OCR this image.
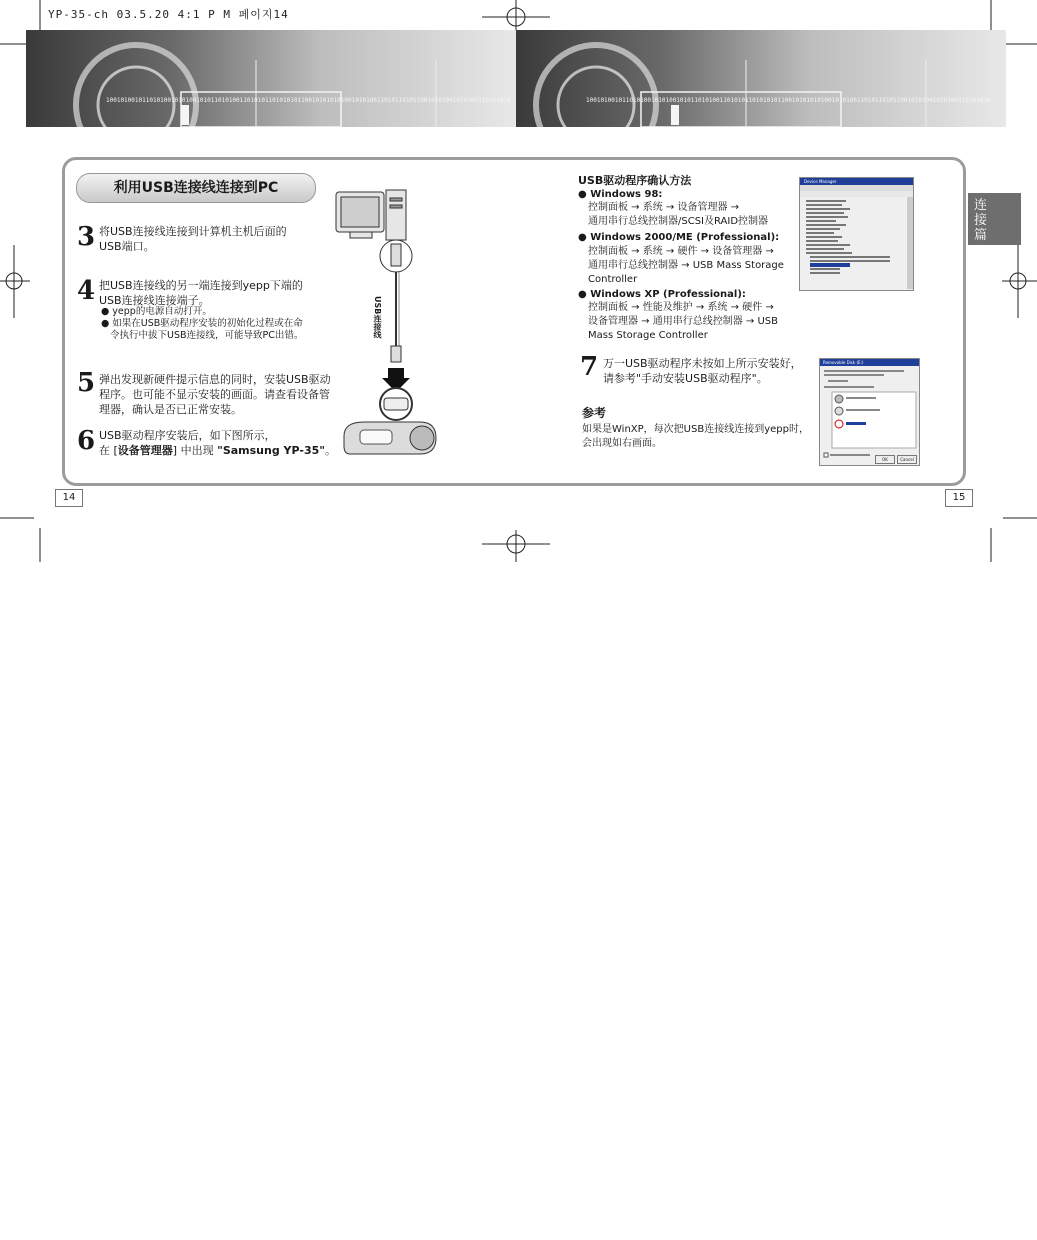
YP-35-ch 03.5.20 4:1 P M 페이지14
1001010010110101001010100101011010100110101011010101011001010101010010101001101011010110010101001010100110101010	1001010010110101001010100101011010100110101011010101011001010101010010101001101011010110010101001010100110101010
利用USB连接线连接到PC
3 将USB连接线连接到计算机主机后面的
USB端口。
4 把USB连接线的另一端连接到yepp下端的
USB连接线连接端子。
● yepp的电源自动打开。
● 如果在USB驱动程序安装的初始化过程或在命
令执行中拔下USB连接线，可能导致PC出错。
5 弹出发现新硬件提示信息的同时，安装USB驱动
程序。也可能不显示安装的画面。请查看设备管
理器，确认是否已正常安装。
6 USB驱动程序安装后，如下图所示，
在 [设备管理器] 中出现 "Samsung YP-35"。
USB连接线
USB驱动程序确认方法
● Windows 98:
控制面板 → 系统 → 设备管理器 →
通用串行总线控制器/SCSI及RAID控制器
● Windows 2000/ME (Professional):
控制面板 → 系统 → 硬件 → 设备管理器 →
通用串行总线控制器 → USB Mass Storage
Controller
● Windows XP (Professional):
控制面板 → 性能及维护 → 系统 → 硬件 →
设备管理器 → 通用串行总线控制器 → USB
Mass Storage Controller
$^{Device Manager}$
7 万一USB驱动程序未按如上所示安装好，
请参考"手动安装USB驱动程序"。
参考
如果是WinXP，每次把USB连接线连接到yepp时，
会出现如右画面。
$^{Removable Disk (E:)}$
OK	Cancel
连
接
篇
14	15
